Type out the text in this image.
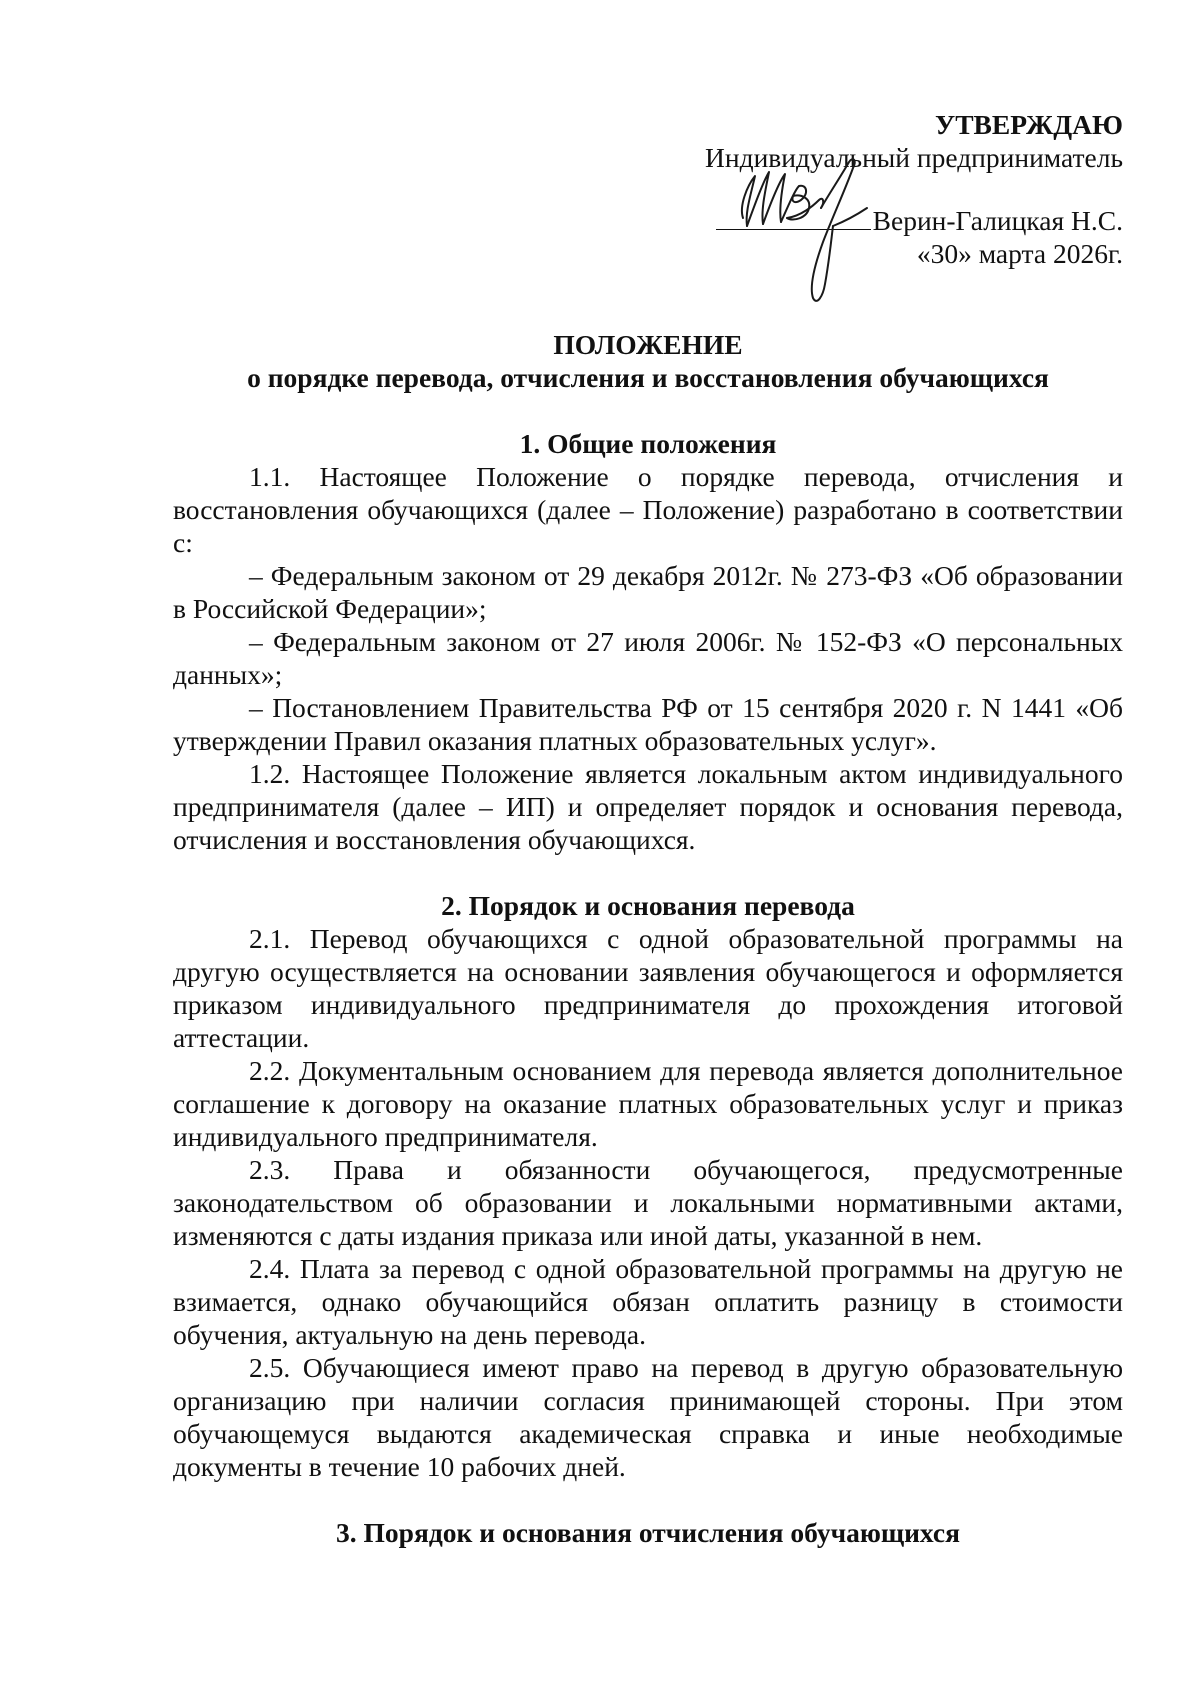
УТВЕРЖДАЮ
Индивидуальный предприниматель
Верин-Галицкая Н.С.
«30» марта 2026г.
ПОЛОЖЕНИЕ
о порядке перевода, отчисления и восстановления обучающихся
1. Общие положения

1.1. Настоящее Положение о порядке перевода, отчисления и восстановления обучающихся (далее – Положение) разработано в соответствии с:

– Федеральным законом от 29 декабря 2012г. № 273-ФЗ «Об образовании в Российской Федерации»;

– Федеральным законом от 27 июля 2006г. № 152-ФЗ «О персональных данных»;

– Постановлением Правительства РФ от 15 сентября 2020 г. N 1441 «Об утверждении Правил оказания платных образовательных услуг».

1.2. Настоящее Положение является локальным актом индивидуального предпринимателя (далее – ИП) и определяет порядок и основания перевода, отчисления и восстановления обучающихся.

2. Порядок и основания перевода

2.1. Перевод обучающихся с одной образовательной программы на другую осуществляется на основании заявления обучающегося и оформляется приказом индивидуального предпринимателя до прохождения итоговой аттестации.

2.2. Документальным основанием для перевода является дополнительное соглашение к договору на оказание платных образовательных услуг и приказ индивидуального предпринимателя.

2.3. Права и обязанности обучающегося, предусмотренные законодательством об образовании и локальными нормативными актами, изменяются с даты издания приказа или иной даты, указанной в нем.

2.4. Плата за перевод с одной образовательной программы на другую не взимается, однако обучающийся обязан оплатить разницу в стоимости обучения, актуальную на день перевода.

2.5. Обучающиеся имеют право на перевод в другую образовательную организацию при наличии согласия принимающей стороны. При этом обучающемуся выдаются академическая справка и иные необходимые документы в течение 10 рабочих дней.

3. Порядок и основания отчисления обучающихся
